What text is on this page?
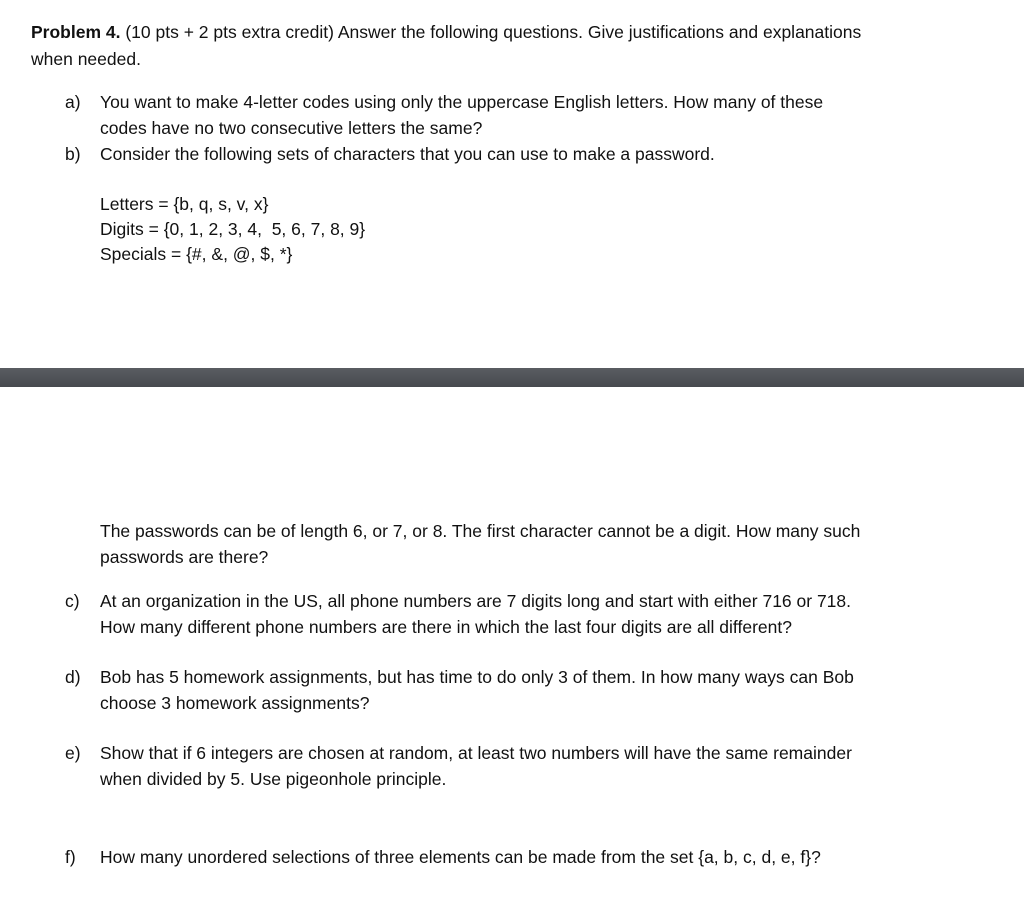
Problem 4. (10 pts + 2 pts extra credit) Answer the following questions. Give justifications and explanations
when needed.
a) You want to make 4-letter codes using only the uppercase English letters. How many of these
codes have no two consecutive letters the same?
b) Consider the following sets of characters that you can use to make a password.
Letters = {b, q, s, v, x}
Digits = {0, 1, 2, 3, 4,  5, 6, 7, 8, 9}
Specials = {#, &, @, $, *}
The passwords can be of length 6, or 7, or 8. The first character cannot be a digit. How many such
passwords are there?
c) At an organization in the US, all phone numbers are 7 digits long and start with either 716 or 718.
How many different phone numbers are there in which the last four digits are all different?
d) Bob has 5 homework assignments, but has time to do only 3 of them. In how many ways can Bob
choose 3 homework assignments?
e) Show that if 6 integers are chosen at random, at least two numbers will have the same remainder
when divided by 5. Use pigeonhole principle.
f) How many unordered selections of three elements can be made from the set {a, b, c, d, e, f}?
